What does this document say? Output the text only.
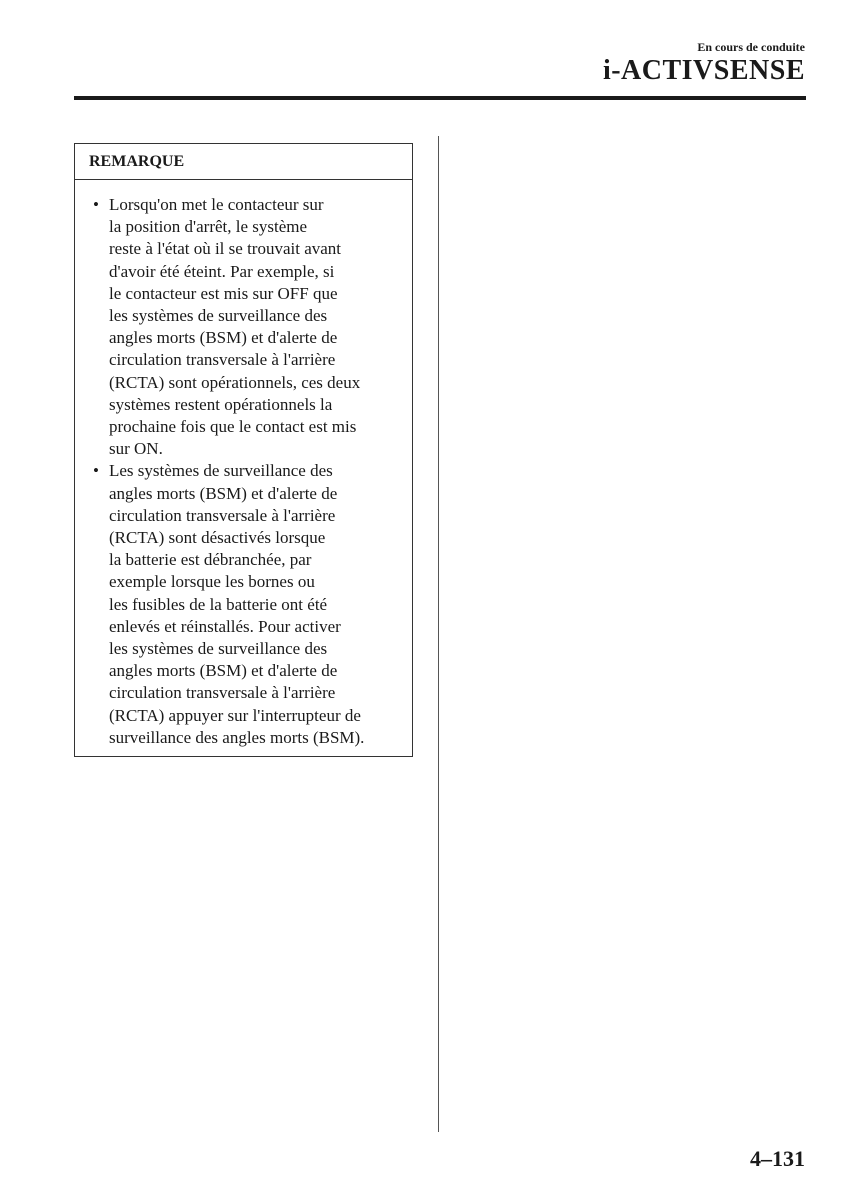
En cours de conduite
i-ACTIVSENSE
REMARQUE
• Lorsqu'on met le contacteur sur
la position d'arrêt, le système
reste à l'état où il se trouvait avant
d'avoir été éteint. Par exemple, si
le contacteur est mis sur OFF que
les systèmes de surveillance des
angles morts (BSM) et d'alerte de
circulation transversale à l'arrière
(RCTA) sont opérationnels, ces deux
systèmes restent opérationnels la
prochaine fois que le contact est mis
sur ON.
• Les systèmes de surveillance des
angles morts (BSM) et d'alerte de
circulation transversale à l'arrière
(RCTA) sont désactivés lorsque
la batterie est débranchée, par
exemple lorsque les bornes ou
les fusibles de la batterie ont été
enlevés et réinstallés. Pour activer
les systèmes de surveillance des
angles morts (BSM) et d'alerte de
circulation transversale à l'arrière
(RCTA) appuyer sur l'interrupteur de
surveillance des angles morts (BSM).
4–131
